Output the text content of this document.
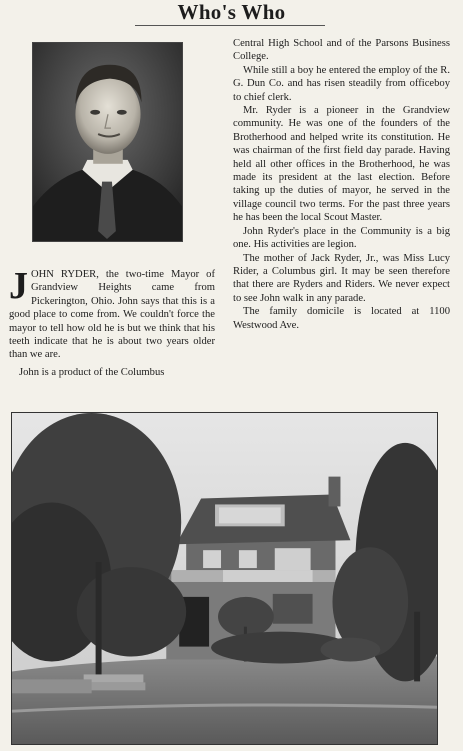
Who's Who

JOHN RYDER, the two-time Mayor of Grandview Heights came from Pickerington, Ohio. John says that this is a good place to come from. We couldn't force the mayor to tell how old he is but we think that his teeth indicate that he is about two years older than we are.

John is a product of the Columbus

Central High School and of the Parsons Business College.

While still a boy he entered the employ of the R. G. Dun Co. and has risen steadily from officeboy to chief clerk.

Mr. Ryder is a pioneer in the Grandview community. He was one of the founders of the Brotherhood and helped write its constitution. He was chairman of the first field day parade. Having held all other offices in the Brotherhood, he was made its president at the last election. Before taking up the duties of mayor, he served in the village council two terms. For the past three years he has been the local Scout Master.

John Ryder's place in the Community is a big one. His activities are legion.

The mother of Jack Ryder, Jr., was Miss Lucy Rider, a Columbus girl. It may be seen therefore that there are Ryders and Riders. We never expect to see John walk in any parade.

The family domicile is located at 1100 Westwood Ave.
